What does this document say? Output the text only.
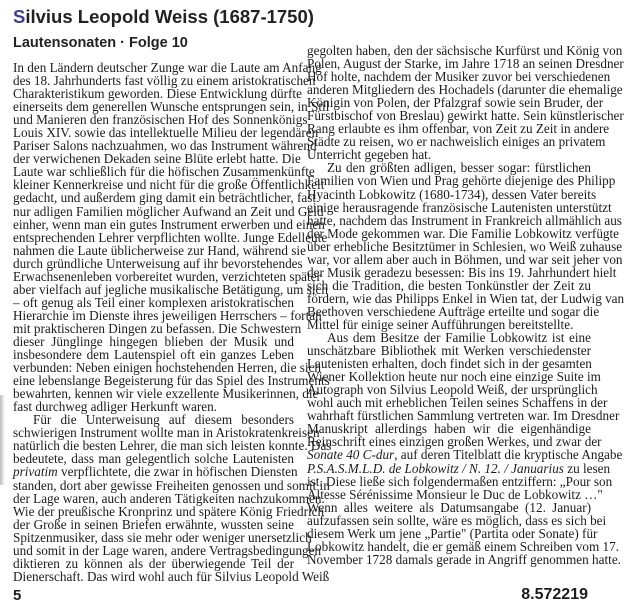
Silvius Leopold Weiss (1687-1750)
Lautensonaten · Folge 10
In den Ländern deutscher Zunge war die Laute am Anfang
des 18. Jahrhunderts fast völlig zu einem aristokratischen
Charakteristikum geworden. Diese Entwicklung dürfte
einerseits dem generellen Wunsche entsprungen sein, in Stil
und Manieren den französischen Hof des Sonnenkönigs
Louis XIV. sowie das intellektuelle Milieu der legendären
Pariser Salons nachzuahmen, wo das Instrument während
der verwichenen Dekaden seine Blüte erlebt hatte. Die
Laute war schließlich für die höfischen Zusammenkünfte
kleiner Kennerkreise und nicht für die große Öffentlichkeit
gedacht, und außerdem ging damit ein beträchtlicher, fast
nur adligen Familien möglicher Aufwand an Zeit und Geld
einher, wenn man ein gutes Instrument erwerben und einen
entsprechenden Lehrer verpflichten wollte. Junge Edelleute
nahmen die Laute üblicherweise zur Hand, während sie
durch gründliche Unterweisung auf ihr bevorstehendes
Erwachsenenleben vorbereitet wurden, verzichteten später
aber vielfach auf jegliche musikalische Betätigung, um sich
– oft genug als Teil einer komplexen aristokratischen
Hierarchie im Dienste ihres jeweiligen Herrschers – fortan
mit praktischeren Dingen zu befassen. Die Schwestern
dieser Jünglinge hingegen blieben der Musik und
insbesondere dem Lautenspiel oft ein ganzes Leben
verbunden: Neben einigen hochstehenden Herren, die sich
eine lebenslange Begeisterung für das Spiel des Instruments
bewahrten, kennen wir viele exzellente Musikerinnen, die
fast durchweg adliger Herkunft waren.
Für die Unterweisung auf diesem besonders
schwierigen Instrument wollte man in Aristokratenkreisen
natürlich die besten Lehrer, die man sich leisten konnte. Das
bedeutete, dass man gelegentlich solche Lautenisten
privatim verpflichtete, die zwar in höfischen Diensten
standen, dort aber gewisse Freiheiten genossen und somit in
der Lage waren, auch anderen Tätigkeiten nachzukommen.
Wie der preußische Kronprinz und spätere König Friedrich
der Große in seinen Briefen erwähnte, wussten seine
Spitzenmusiker, dass sie mehr oder weniger unersetzlich
und somit in der Lage waren, andere Vertragsbedingungen
diktieren zu können als der überwiegende Teil der
Dienerschaft. Das wird wohl auch für Silvius Leopold Weiß
gegolten haben, den der sächsische Kurfürst und König von
Polen, August der Starke, im Jahre 1718 an seinen Dresdner
Hof holte, nachdem der Musiker zuvor bei verschiedenen
anderen Mitgliedern des Hochadels (darunter die ehemalige
Königin von Polen, der Pfalzgraf sowie sein Bruder, der
Fürstbischof von Breslau) gewirkt hatte. Sein künstlerischer
Rang erlaubte es ihm offenbar, von Zeit zu Zeit in andere
Städte zu reisen, wo er nachweislich einiges an privatem
Unterricht gegeben hat.
Zu den größten adligen, besser sogar: fürstlichen
Familien von Wien und Prag gehörte diejenige des Philipp
Hyacinth Lobkowitz (1680-1734), dessen Vater bereits
einige herausragende französische Lautenisten unterstützt
hatte, nachdem das Instrument in Frankreich allmählich aus
der Mode gekommen war. Die Familie Lobkowitz verfügte
über erhebliche Besitztümer in Schlesien, wo Weiß zuhause
war, vor allem aber auch in Böhmen, und war seit jeher von
der Musik geradezu besessen: Bis ins 19. Jahrhundert hielt
sich die Tradition, die besten Tonkünstler der Zeit zu
fördern, wie das Philipps Enkel in Wien tat, der Ludwig van
Beethoven verschiedene Aufträge erteilte und sogar die
Mittel für einige seiner Aufführungen bereitstellte.
Aus dem Besitze der Familie Lobkowitz ist eine
unschätzbare Bibliothek mit Werken verschiedenster
Lautenisten erhalten, doch findet sich in der gesamten
Wiener Kollektion heute nur noch eine einzige Suite im
Autograph von Silvius Leopold Weiß, der ursprünglich
wohl auch mit erheblichen Teilen seines Schaffens in der
wahrhaft fürstlichen Sammlung vertreten war. Im Dresdner
Manuskript allerdings haben wir die eigenhändige
Reinschrift eines einzigen großen Werkes, und zwar der
Sonate 40 C-dur, auf deren Titelblatt die kryptische Angabe
P.S.A.S.M.L.D. de Lobkowitz / N. 12. / Januarius zu lesen
ist. Diese ließe sich folgendermaßen entziffern: „Pour son
Altesse Sérénissime Monsieur le Duc de Lobkowitz …"
Wenn alles weitere als Datumsangabe (12. Januar)
aufzufassen sein sollte, wäre es möglich, dass es sich bei
diesem Werk um jene „Partie" (Partita oder Sonate) für
Lobkowitz handelt, die er gemäß einem Schreiben vom 17.
November 1728 damals gerade in Angriff genommen hatte.
5	8.572219
